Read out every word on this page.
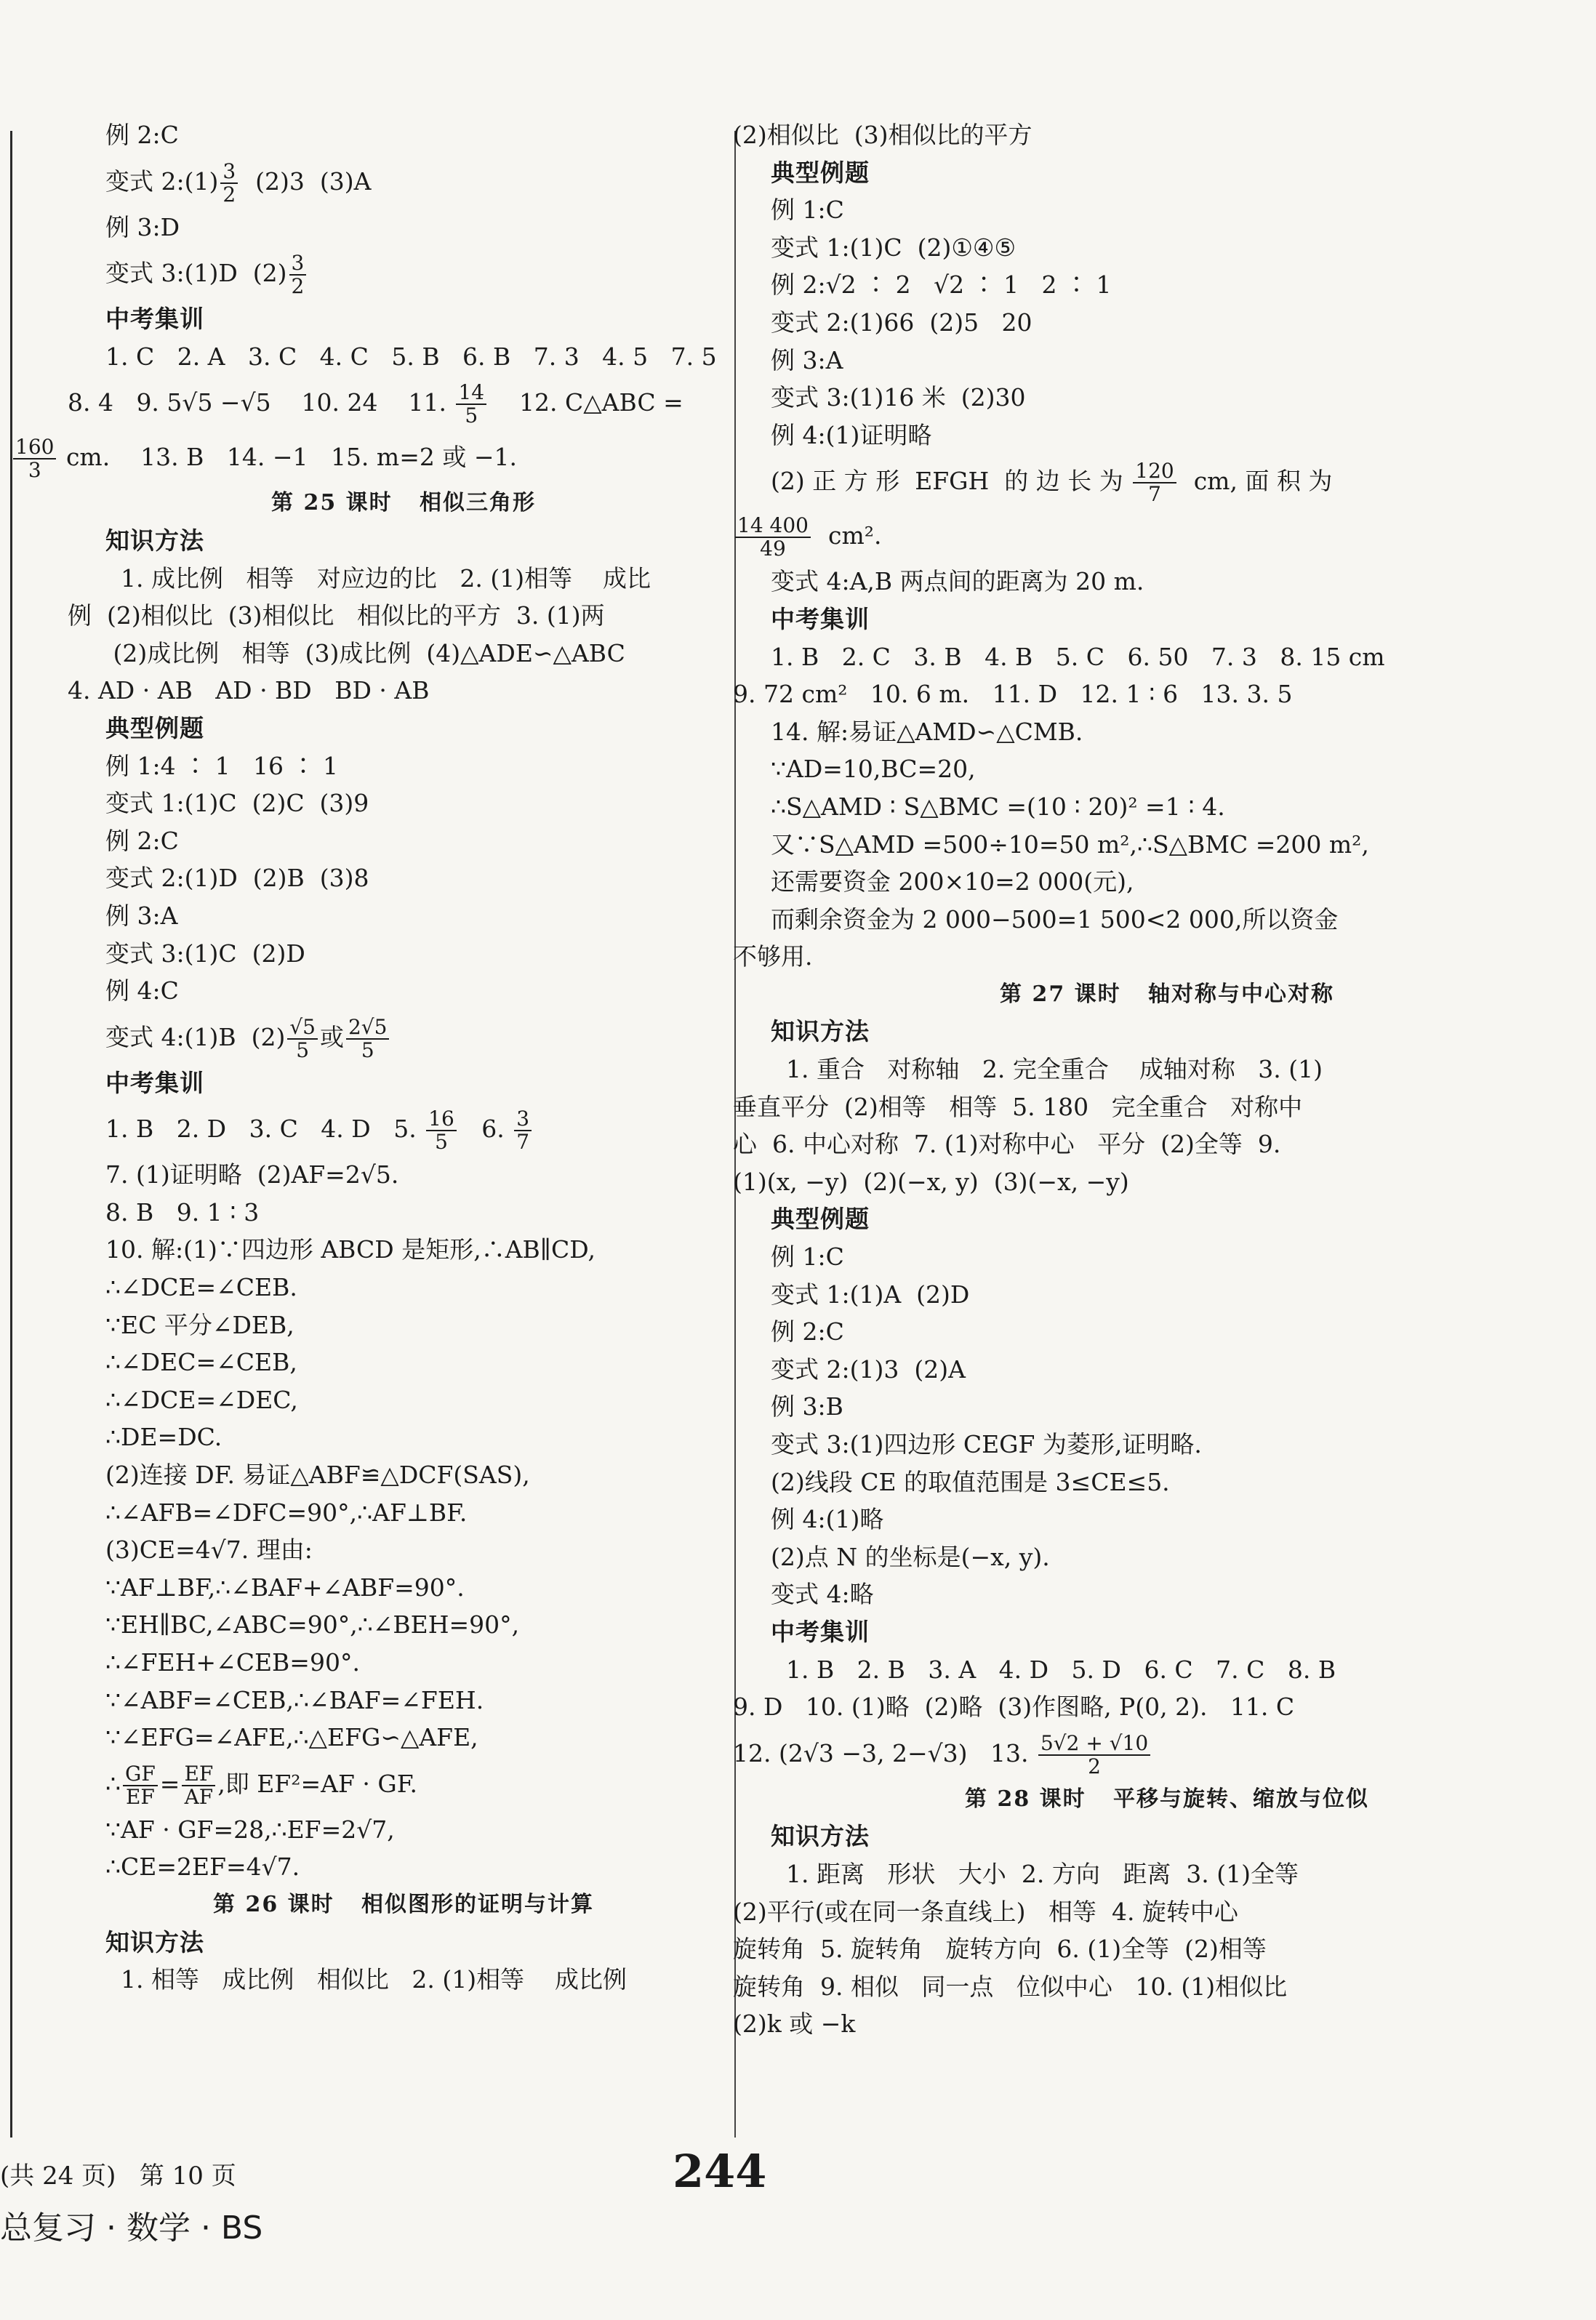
例 2:C
变式 2:(1) $\frac{3}{2} (2)3$  (3)A
例 3:D
变式 3:(1)D  $(2) \frac{3}{2}$
中考集训
1. C   2. A   3. C   4. C   5. B   6. B   7. 3   4. 5   7. 5
8. 4   9. 5√5 −√5    10. 24    11. $\frac{14}{5} 12$. C△ABC =
$\frac{160}{3}$ cm.    13. B   14. −1   15. m=2 或 −1.
第 25 课时   相似三角形
知识方法
1. 成比例   相等   对应边的比   2. (1)相等    成比
例  (2)相似比  (3)相似比   相似比的平方  3. (1)两
(2)成比例   相等  (3)成比例  (4)△ADE∽△ABC
4. AD · AB   AD · BD   BD · AB
典型例题
例 1:4 ∶ 1   16 ∶ 1
变式 1:(1)C  (2)C  (3)9
例 2:C
变式 2:(1)D  (2)B  (3)8
例 3:A
变式 3:(1)C  (2)D
例 4:C
变式 4:(1)B  $(2) \frac{√5}{5}$ 或 $\frac{2√5}{5}$
中考集训
1. B   2. D   3. C   4. D   5. $\frac{16}{5} 6$. $\frac{3}{7}$
7. (1)证明略  (2)AF=2√5.
8. B   9. 1 ∶ 3
10. 解:(1)∵四边形 ABCD 是矩形,∴AB∥CD,
∴∠DCE=∠CEB.
∵EC 平分∠DEB,
∴∠DEC=∠CEB,
∴∠DCE=∠DEC,
∴DE=DC.
(2)连接 DF. 易证△ABF≌△DCF(SAS),
∴∠AFB=∠DFC=90°,∴AF⊥BF.
(3)CE=4√7. 理由:
∵AF⊥BF,∴∠BAF+∠ABF=90°.
∵EH∥BC,∠ABC=90°,∴∠BEH=90°,
∴∠FEH+∠CEB=90°.
∵∠ABF=∠CEB,∴∠BAF=∠FEH.
∵∠EFG=∠AFE,∴△EFG∽△AFE,
∴ $\frac{GF}{EF} = \frac{EF}{AF}$ ,即 EF²=AF · GF.
∵AF · GF=28,∴EF=2√7,
∴CE=2EF=4√7.
第 26 课时   相似图形的证明与计算
知识方法
1. 相等   成比例   相似比   2. (1)相等    成比例
(2)相似比  (3)相似比的平方
典型例题
例 1:C
变式 1:(1)C  (2)①④⑤
例 2:√2 ∶ 2   √2 ∶ 1   2 ∶ 1
变式 2:(1)66  (2)5   20
例 3:A
变式 3:(1)16 米  (2)30
例 4:(1)证明略
(2) 正 方 形  EFGH  的 边 长 为 $\frac{120}{7}$ cm, 面 积 为
$\frac{14 400}{49} cm^2$.
变式 4:A,B 两点间的距离为 20 m.
中考集训
1. B   2. C   3. B   4. B   5. C   6. 50   7. 3   8. 15 cm
9. 72 cm²   10. 6 m.   11. D   12. 1 ∶ 6   13. 3. 5
14. 解:易证△AMD∽△CMB.
∵AD=10,BC=20,
∴S△AMD ∶ S△BMC =(10 ∶ 20)² =1 ∶ 4.
又∵S△AMD =500÷10=50 m²,∴S△BMC =200 m²,
还需要资金 200×10=2 000(元),
而剩余资金为 2 000−500=1 500<2 000,所以资金
不够用.
第 27 课时   轴对称与中心对称
知识方法
1. 重合   对称轴   2. 完全重合    成轴对称   3. (1)
垂直平分  (2)相等   相等  5. 180   完全重合   对称中
心  6. 中心对称  7. (1)对称中心   平分  (2)全等  9.
(1)(x, −y)  (2)(−x, y)  (3)(−x, −y)
典型例题
例 1:C
变式 1:(1)A  (2)D
例 2:C
变式 2:(1)3  (2)A
例 3:B
变式 3:(1)四边形 CEGF 为菱形,证明略.
(2)线段 CE 的取值范围是 3≤CE≤5.
例 4:(1)略
(2)点 N 的坐标是(−x, y).
变式 4:略
中考集训
1. B   2. B   3. A   4. D   5. D   6. C   7. C   8. B
9. D   10. (1)略  (2)略  (3)作图略, P(0, 2).   11. C
12. (2√3 −3, 2−√3)   13. $\frac{5√2 + √10}{2}$
第 28 课时   平移与旋转、缩放与位似
知识方法
1. 距离   形状   大小  2. 方向   距离  3. (1)全等
(2)平行(或在同一条直线上)   相等  4. 旋转中心
旋转角  5. 旋转角   旋转方向  6. (1)全等  (2)相等
旋转角  9. 相似   同一点   位似中心   10. (1)相似比
(2)k 或 −k
(共 24 页)   第 10 页
总复习 · 数学 · BS
244
